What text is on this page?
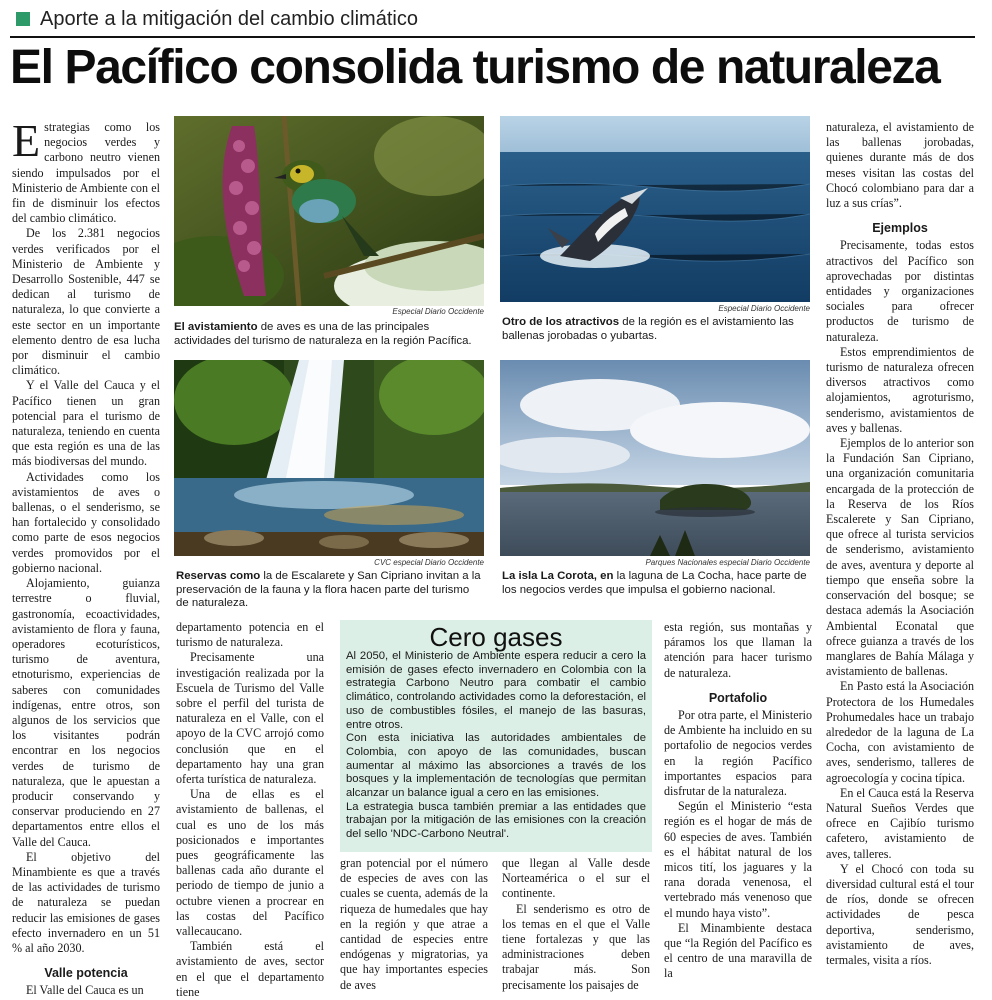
Aporte a la mitigación del cambio climático
El Pacífico consolida turismo de naturaleza

Estrategias como los negocios verdes y carbono neutro vienen siendo impulsados por el Ministerio de Ambiente con el fin de disminuir los efectos del cambio climático.

De los 2.381 negocios verdes verificados por el Ministerio de Ambiente y Desarrollo Sostenible, 447 se dedican al turismo de naturaleza, lo que convierte a este sector en un importante elemento dentro de esa lucha por disminuir el cambio climático.

Y el Valle del Cauca y el Pacífico tienen un gran potencial para el turismo de naturaleza, teniendo en cuenta que esta región es una de las más biodiversas del mundo.

Actividades como los avistamientos de aves o ballenas, o el senderismo, se han fortalecido y consolidado como parte de esos negocios verdes promovidos por el gobierno nacional.

Alojamiento, guianza terrestre o fluvial, gastronomía, ecoactividades, avistamiento de flora y fauna, operadores ecoturísticos, turismo de aventura, etnoturismo, experiencias de saberes con comunidades indígenas, entre otros, son algunos de los servicios que los visitantes podrán encontrar en los negocios verdes de turismo de naturaleza, que le apuestan a producir conservando y conservar produciendo en 27 departamentos entre ellos el Valle del Cauca.

El objetivo del Minambiente es que a través de las actividades de turismo de naturaleza se puedan reducir las emisiones de gases efecto invernadero en un 51 % al año 2030.

Valle potencia

El Valle del Cauca es un

Especial Diario Occidente
El avistamiento de aves es una de las principales actividades del turismo de naturaleza en la región Pacífica.
Especial Diario Occidente
Otro de los atractivos de la región es el avistamiento las ballenas jorobadas o yubartas.
CVC especial Diario Occidente
Reservas como la de Escalarete y San Cipriano invitan a la preservación de la fauna y la flora hacen parte del turismo de naturaleza.
Parques Nacionales especial Diario Occidente
La isla La Corota, en la laguna de La Cocha, hace parte de los negocios verdes que impulsa el gobierno nacional.

departamento potencia en el turismo de naturaleza.

Precisamente una investigación realizada por la Escuela de Turismo del Valle sobre el perfil del turista de naturaleza en el Valle, con el apoyo de la CVC arrojó como conclusión que en el departamento hay una gran oferta turística de naturaleza.

Una de ellas es el avistamiento de ballenas, el cual es uno de los más posicionados e importantes pues geográficamente las ballenas cada año durante el periodo de tiempo de junio a octubre vienen a procrear en las costas del Pacífico vallecaucano.

También está el avistamiento de aves, sector en el que el departamento tiene

Cero gases

Al 2050, el Ministerio de Ambiente espera reducir a cero la emisión de gases efecto invernadero en Colombia con la estrategia Carbono Neutro para combatir el cambio climático, controlando actividades como la deforestación, el uso de combustibles fósiles, el manejo de las basuras, entre otros.

Con esta iniciativa las autoridades ambientales de Colombia, con apoyo de las comunidades, buscan aumentar al máximo las absorciones a través de los bosques y la implementación de tecnologías que permitan alcanzar un balance igual a cero en las emisiones.

La estrategia busca también premiar a las entidades que trabajan por la mitigación de las emisiones con la creación del sello 'NDC-Carbono Neutral'.

gran potencial por el número de especies de aves con las cuales se cuenta, además de la riqueza de humedales que hay en la región y que atrae a cantidad de especies entre endógenas y migratorias, ya que hay importantes especies de aves

que llegan al Valle desde Norteamérica o el sur el continente.

El senderismo es otro de los temas en el que el Valle tiene fortalezas y que las administraciones deben trabajar más. Son precisamente los paisajes de

esta región, sus montañas y páramos los que llaman la atención para hacer turismo de naturaleza.

Portafolio

Por otra parte, el Ministerio de Ambiente ha incluido en su portafolio de negocios verdes en la región Pacífico importantes espacios para disfrutar de la naturaleza.

Según el Ministerio “esta región es el hogar de más de 60 especies de aves. También es el hábitat natural de los micos tití, los jaguares y la rana dorada venenosa, el vertebrado más venenoso que el mundo haya visto”.

El Minambiente destaca que “la Región del Pacífico es el centro de una maravilla de la

naturaleza, el avistamiento de las ballenas jorobadas, quienes durante más de dos meses visitan las costas del Chocó colombiano para dar a luz a sus crías”.

Ejemplos

Precisamente, todas estos atractivos del Pacífico son aprovechadas por distintas entidades y organizaciones sociales para ofrecer productos de turismo de naturaleza.

Estos emprendimientos de turismo de naturaleza ofrecen diversos atractivos como alojamientos, agroturismo, senderismo, avistamientos de aves y ballenas.

Ejemplos de lo anterior son la Fundación San Cipriano, una organización comunitaria encargada de la protección de la Reserva de los Ríos Escalerete y San Cipriano, que ofrece al turista servicios de senderismo, avistamiento de aves, aventura y deporte al tiempo que enseña sobre la conservación del bosque; se destaca además la Asociación Ambiental Econatal que ofrece guianza a través de los manglares de Bahía Málaga y avistamiento de ballenas.

En Pasto está la Asociación Protectora de los Humedales Prohumedales hace un trabajo alrededor de la laguna de La Cocha, con avistamiento de aves, senderismo, talleres de agroecología y cocina típica.

En el Cauca está la Reserva Natural Sueños Verdes que ofrece en Cajibío turismo cafetero, avistamiento de aves, talleres.

Y el Chocó con toda su diversidad cultural está el tour de ríos, donde se ofrecen actividades de pesca deportiva, senderismo, avistamiento de aves, termales, visita a ríos.
